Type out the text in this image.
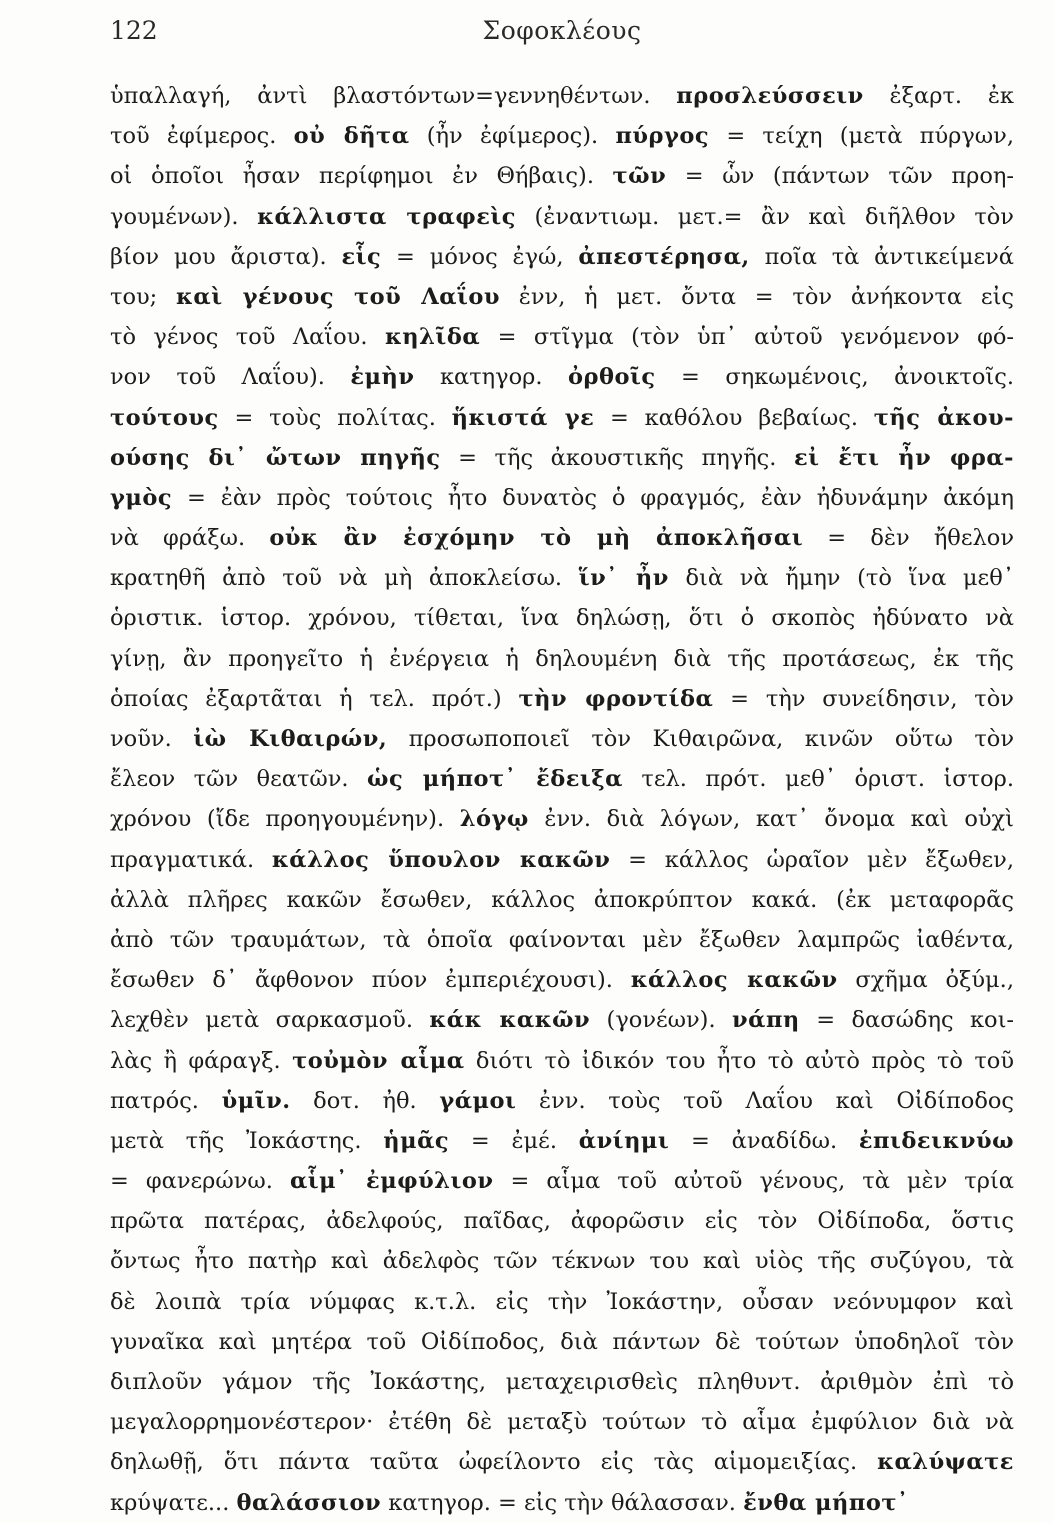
122	Σοφοκλέους
ὑπαλλαγή, ἀντὶ βλαστόντων=γεννηθέντων. προσλεύσσειν ἐξαρτ. ἐκ
τοῦ ἐφίμερος. οὐ δῆτα (ἦν ἐφίμερος). πύργος = τείχη (μετὰ πύργων,
οἱ ὁποῖοι ἦσαν περίφημοι ἐν Θήβαις). τῶν = ὧν (πάντων τῶν προη-
γουμένων). κάλλιστα τραφεὶς (ἐναντιωμ. μετ.= ἂν καὶ διῆλθον τὸν
βίον μου ἄριστα). εἷς = μόνος ἐγώ, ἀπεστέρησα, ποῖα τὰ ἀντικείμενά
του; καὶ γένους τοῦ Λαΐου ἐνν, ἡ μετ. ὄντα = τὸν ἀνήκοντα εἰς
τὸ γένος τοῦ Λαΐου. κηλῖδα = στῖγμα (τὸν ὑπ᾽ αὐτοῦ γενόμενον φό-
νον τοῦ Λαΐου). ἐμὴν κατηγορ. ὀρθοῖς = σηκωμένοις, ἀνοικτοῖς.
τούτους = τοὺς πολίτας. ἥκιστά γε = καθόλου βεβαίως. τῆς ἀκου-
ούσης δι᾽ ὤτων πηγῆς = τῆς ἀκουστικῆς πηγῆς. εἰ ἔτι ἦν φρα-
γμὸς = ἐὰν πρὸς τούτοις ἦτο δυνατὸς ὁ φραγμός, ἐὰν ἠδυνάμην ἀκόμη
νὰ φράξω. οὐκ ἂν ἐσχόμην τὸ μὴ ἀποκλῆσαι = δὲν ἤθελον
κρατηθῆ ἀπὸ τοῦ νὰ μὴ ἀποκλείσω. ἵν᾽ ἦν διὰ νὰ ἤμην (τὸ ἵνα μεθ᾽
ὁριστικ. ἱστορ. χρόνου, τίθεται, ἵνα δηλώσῃ, ὅτι ὁ σκοπὸς ἠδύνατο νὰ
γίνῃ, ἂν προηγεῖτο ἡ ἐνέργεια ἡ δηλουμένη διὰ τῆς προτάσεως, ἐκ τῆς
ὁποίας ἐξαρτᾶται ἡ τελ. πρότ.) τὴν φροντίδα = τὴν συνείδησιν, τὸν
νοῦν. ἰὼ Κιθαιρών, προσωποποιεῖ τὸν Κιθαιρῶνα, κινῶν οὕτω τὸν
ἔλεον τῶν θεατῶν. ὡς μήποτ᾽ ἔδειξα τελ. πρότ. μεθ᾽ ὁριστ. ἱστορ.
χρόνου (ἴδε προηγουμένην). λόγῳ ἐνν. διὰ λόγων, κατ᾽ ὄνομα καὶ οὐχὶ
πραγματικά. κάλλος ὕπουλον κακῶν = κάλλος ὡραῖον μὲν ἔξωθεν,
ἀλλὰ πλῆρες κακῶν ἔσωθεν, κάλλος ἀποκρύπτον κακά. (ἐκ μεταφορᾶς
ἀπὸ τῶν τραυμάτων, τὰ ὁποῖα φαίνονται μὲν ἔξωθεν λαμπρῶς ἰαθέντα,
ἔσωθεν δ᾽ ἄφθονον πύον ἐμπεριέχουσι). κάλλος κακῶν σχῆμα ὀξύμ.,
λεχθὲν μετὰ σαρκασμοῦ. κάκ κακῶν (γονέων). νάπη = δασώδης κοι-
λὰς ἢ φάραγξ. τοὐμὸν αἷμα διότι τὸ ἰδικόν του ἦτο τὸ αὐτὸ πρὸς τὸ τοῦ
πατρός. ὑμῖν. δοτ. ἠθ. γάμοι ἐνν. τοὺς τοῦ Λαΐου καὶ Οἰδίποδος
μετὰ τῆς Ἰοκάστης. ἡμᾶς = ἐμέ. ἀνίημι = ἀναδίδω. ἐπιδεικνύω
= φανερώνω. αἷμ᾽ ἐμφύλιον = αἷμα τοῦ αὐτοῦ γένους, τὰ μὲν τρία
πρῶτα πατέρας, ἀδελφούς, παῖδας, ἀφορῶσιν εἰς τὸν Οἰδίποδα, ὅστις
ὄντως ἦτο πατὴρ καὶ ἀδελφὸς τῶν τέκνων του καὶ υἱὸς τῆς συζύγου, τὰ
δὲ λοιπὰ τρία νύμφας κ.τ.λ. εἰς τὴν Ἰοκάστην, οὖσαν νεόνυμφον καὶ
γυναῖκα καὶ μητέρα τοῦ Οἰδίποδος, διὰ πάντων δὲ τούτων ὑποδηλοῖ τὸν
διπλοῦν γάμον τῆς Ἰοκάστης, μεταχειρισθεὶς πληθυντ. ἀριθμὸν ἐπὶ τὸ
μεγαλορρημονέστερον· ἐτέθη δὲ μεταξὺ τούτων τὸ αἷμα ἐμφύλιον διὰ νὰ
δηλωθῇ, ὅτι πάντα ταῦτα ὠφείλοντο εἰς τὰς αἱμομειξίας. καλύψατε
κρύψατε... θαλάσσιον κατηγορ. = εἰς τὴν θάλασσαν. ἔνθα μήποτ᾽
